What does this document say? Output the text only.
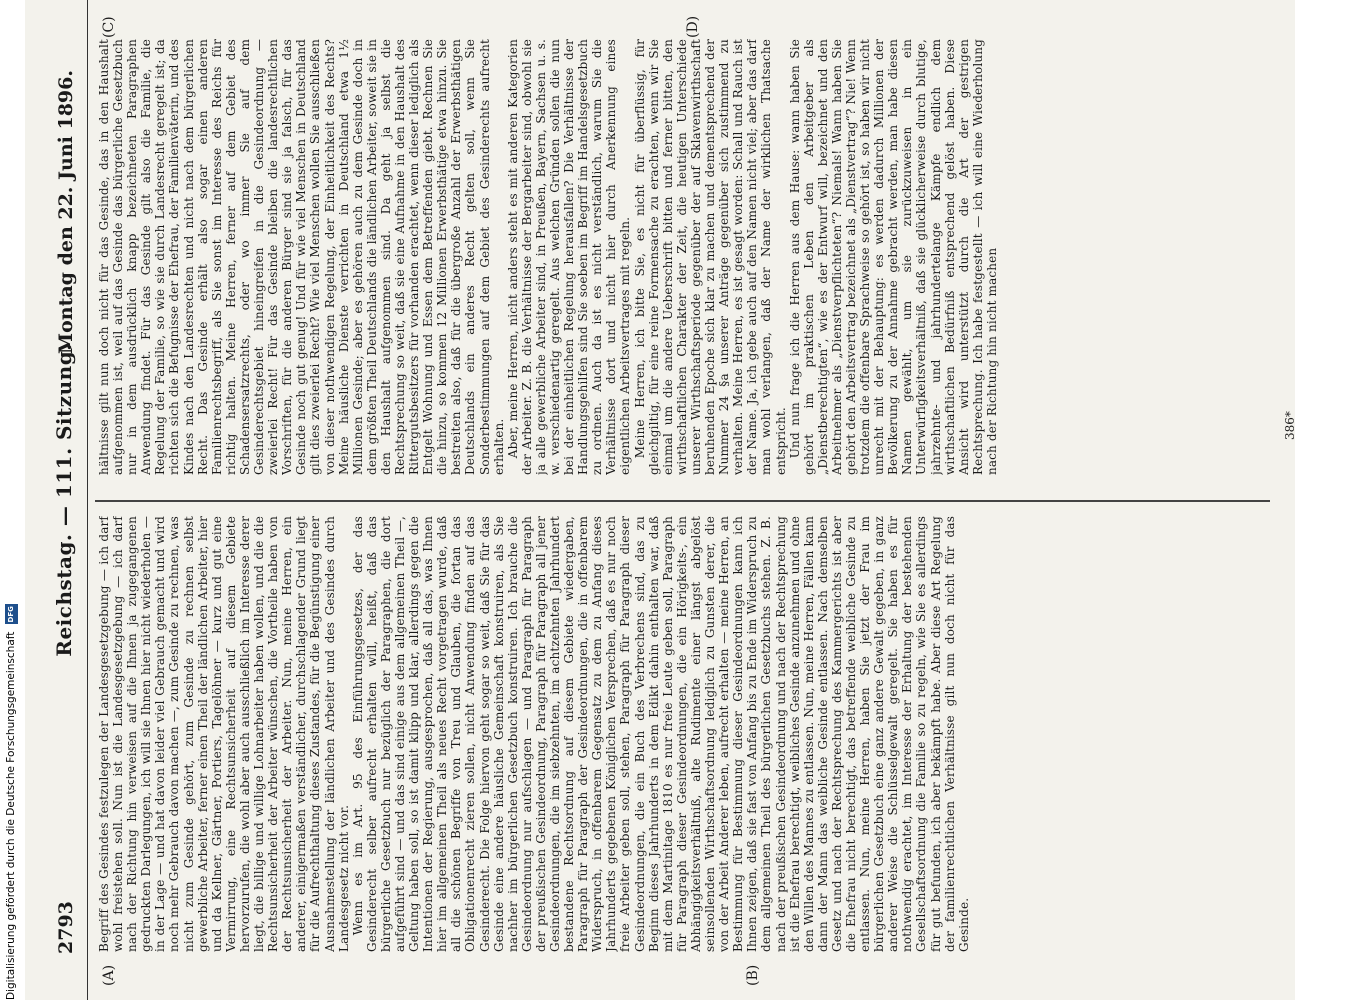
Digitalisierung gefördert durch die Deutsche Forschungsgemeinschaft DFG
2793
Reichstag. — 111. Sitzung.
Montag den 22. Juni 1896.
(A)	(B)
(C)	(D)

Begriff des Gesindes festzulegen der Landesgesetzgebung — ich darf wohl freistehen soll. Nun ist die Landesgesetzgebung — ich darf nach der Richtung hin verweisen auf die Ihnen ja zugegangenen gedruckten Darlegungen, ich will sie Ihnen hier nicht wiederholen — in der Lage — und hat davon leider viel Gebrauch gemacht und wird noch mehr Gebrauch davon machen —, zum Gesinde zu rechnen, was nicht zum Gesinde gehört, zum Gesinde zu rechnen selbst gewerbliche Arbeiter, ferner einen Theil der ländlichen Arbeiter, hier und da Kellner, Gärtner, Portiers, Tagelöhner — kurz und gut eine Vermirrung, eine Rechtsunsicherheit auf diesem Gebiete hervorzurufen, die wohl aber auch ausschließlich im Interesse derer liegt, die billige und willige Lohnarbeiter haben wollen, und die die Rechtsunsicherheit der Arbeiter wünschen, die Vortheile haben von der Rechtsunsicherheit der Arbeiter. Nun, meine Herren, ein anderer, einigermaßen verständlicher, durchschlagender Grund liegt für die Aufrechthaltung dieses Zustandes, für die Begünstigung einer Ausnahmestellung der ländlichen Arbeiter und des Gesindes durch Landesgesetz nicht vor. Wenn es im Art. 95 des Einführungsgesetzes, der das Gesinderecht selber aufrecht erhalten will, heißt, daß das bürgerliche Gesetzbuch nur bezüglich der Paragraphen, die dort aufgeführt sind — und das sind einige aus dem allgemeinen Theil —, Geltung haben soll, so ist damit klipp und klar, allerdings gegen die Intentionen der Regierung, ausgesprochen, daß all das, was Ihnen hier im allgemeinen Theil als neues Recht vorgetragen wurde, daß all die schönen Begriffe von Treu und Glauben, die fortan das Obligationenrecht zieren sollen, nicht Anwendung finden auf das Gesinderecht. Die Folge hiervon geht sogar so weit, daß Sie für das Gesinde eine andere häusliche Gemeinschaft konstruiren, als Sie nachher im bürgerlichen Gesetzbuch konstruiren. Ich brauche die Gesindeordnung nur aufschlagen — und Paragraph für Paragraph der preußischen Gesindeordnung, Paragraph für Paragraph all jener Gesindeordnungen, die im siebzehnten, im achtzehnten Jahrhundert bestandene Rechtsordnung auf diesem Gebiete wiedergaben, Paragraph für Paragraph der Gesindeordnungen, die in offenbarem Widerspruch, in offenbarem Gegensatz zu dem zu Anfang dieses Jahrhunderts gegebenen Königlichen Versprechen, daß es nur noch freie Arbeiter geben soll, stehen, Paragraph für Paragraph dieser Gesindeordnungen, die ein Buch des Verbrechens sind, das zu Beginn dieses Jahrhunderts in dem Edikt dahin enthalten war, daß mit dem Martinitage 1810 es nur freie Leute geben soll, Paragraph für Paragraph dieser Gesindeordnungen, die ein Hörigkeits-, ein Abhängigkeitsverhältniß, alte Rudimente einer längst abgelöst seinsollenden Wirthschaftsordnung lediglich zu Gunsten derer, die von der Arbeit Anderer leben, aufrecht erhalten — meine Herren, an Bestimmung für Bestimmung dieser Gesindeordnungen kann ich Ihnen zeigen, daß sie fast von Anfang bis zu Ende im Widerspruch zu dem allgemeinen Theil des bürgerlichen Gesetzbuchs stehen. Z. B. nach der preußischen Gesindeordnung und nach der Rechtsprechung ist die Ehefrau berechtigt, weibliches Gesinde anzunehmen und ohne den Willen des Mannes zu entlassen. Nun, meine Herren, Fällen kann dann der Mann das weibliche Gesinde entlassen. Nach demselben Gesetz und nach der Rechtsprechung des Kammergerichts ist aber die Ehefrau nicht berechtigt, das betreffende weibliche Gesinde zu entlassen. Nun, meine Herren, haben Sie jetzt der Frau im bürgerlichen Gesetzbuch eine ganz andere Gewalt gegeben, in ganz anderer Weise die Schlüsselgewalt geregelt. Sie haben es für nothwendig erachtet, im Interesse der Erhaltung der bestehenden Gesellschaftsordnung die Familie so zu regeln, wie Sie es allerdings für gut befunden, ich aber bekämpft habe. Aber diese Art Regelung der familienrechtlichen Verhältnisse gilt nun doch nicht für das Gesinde.

hältnisse gilt nun doch nicht für das Gesinde, das in den Haushalt aufgenommen ist, weil auf das Gesinde das bürgerliche Gesetzbuch nur in dem ausdrücklich knapp bezeichneten Paragraphen Anwendung findet. Für das Gesinde gilt also die Familie, die Regelung der Familie, so wie sie durch Landesrecht geregelt ist; da richten sich die Befugnisse der Ehefrau, der Familienväterin, und des Kindes nach den Landesrechten und nicht nach dem bürgerlichen Recht. Das Gesinde erhält also sogar einen anderen Familienrechtsbegriff, als Sie sonst im Interesse des Reichs für richtig halten. Meine Herren, ferner auf dem Gebiet des Schadensersatzrechts, oder wo immer Sie auf dem Gesinderechtsgebiet hineingreifen in die Gesindeordnung — zweierlei Recht! Für das Gesinde bleiben die landesrechtlichen Vorschriften, für die anderen Bürger sind sie ja falsch, für das Gesinde noch gut genug! Und für wie viel Menschen in Deutschland gilt dies zweierlei Recht? Wie viel Menschen wollen Sie ausschließen von dieser nothwendigen Regelung, der Einheitlichkeit des Rechts? Meine häusliche Dienste verrichten in Deutschland etwa 1½ Millionen Gesinde; aber es gehören auch zu dem Gesinde doch in dem größten Theil Deutschlands die ländlichen Arbeiter, soweit sie in den Haushalt aufgenommen sind. Da geht ja selbst die Rechtsprechung so weit, daß sie eine Aufnahme in den Haushalt des Rittergutsbesitzers für vorhanden erachtet, wenn dieser lediglich als Entgelt Wohnung und Essen dem Betreffenden giebt. Rechnen Sie die hinzu, so kommen 12 Millionen Erwerbsthätige etwa hinzu. Sie bestreiten also, daß für die übergroße Anzahl der Erwerbsthätigen Deutschlands ein anderes Recht gelten soll, wenn Sie Sonderbestimmungen auf dem Gebiet des Gesinderechts aufrecht erhalten. Aber, meine Herren, nicht anders steht es mit anderen Kategorien der Arbeiter. Z. B. die Verhältnisse der Bergarbeiter sind, obwohl sie ja alle gewerbliche Arbeiter sind, in Preußen, Bayern, Sachsen u. s. w. verschiedenartig geregelt. Aus welchen Gründen sollen die nun bei der einheitlichen Regelung herausfallen? Die Verhältnisse der Handlungsgehilfen sind Sie soeben im Begriff im Handelsgesetzbuch zu ordnen. Auch da ist es nicht verständlich, warum Sie die Verhältnisse dort und nicht hier durch Anerkennung eines eigentlichen Arbeitsvertrages mit regeln. Meine Herren, ich bitte Sie, es nicht für überflüssig, für gleichgiltig, für eine reine Formensache zu erachten, wenn wir Sie einmal um die andere Ueberschrift bitten und ferner bitten, den wirthschaftlichen Charakter der Zeit, die heutigen Unterschiede unserer Wirthschaftsperiode gegenüber der auf Sklavenwirthschaft beruhenden Epoche sich klar zu machen und dementsprechend der Nummer 24 §a unserer Anträge gegenüber sich zustimmend zu verhalten. Meine Herren, es ist gesagt worden: Schall und Rauch ist der Name. Ja, ich gebe auch auf den Namen nicht viel; aber das darf man wohl verlangen, daß der Name der wirklichen Thatsache entspricht. Und nun frage ich die Herren aus dem Hause: wann haben Sie gehört im praktischen Leben den Arbeitgeber als „Dienstberechtigten“, wie es der Entwurf will, bezeichnet und den Arbeitnehmer als „Dienstverpflichteten“? Niemals! Wann haben Sie gehört den Arbeitsvertrag bezeichnet als „Dienstvertrag“? Nie! Wenn trotzdem die offenbare Sprachweise so gehört ist, so haben wir nicht unrecht mit der Behauptung: es werden dadurch Millionen der Bevölkerung zu der Annahme gebracht werden, man habe diesen Namen gewählt, um sie zurückzuweisen in ein Unterwürfigkeitsverhältniß, daß sie glücklicherweise durch blutige, jahrzehnte- und jahrhundertelange Kämpfe endlich dem wirthschaftlichen Bedürfniß entsprechend gelöst haben. Diese Ansicht wird unterstützt durch die Art der gestrigen Rechtsprechung. Ich habe festgestellt — ich will eine Wiederholung nach der Richtung hin nicht machen	386*
